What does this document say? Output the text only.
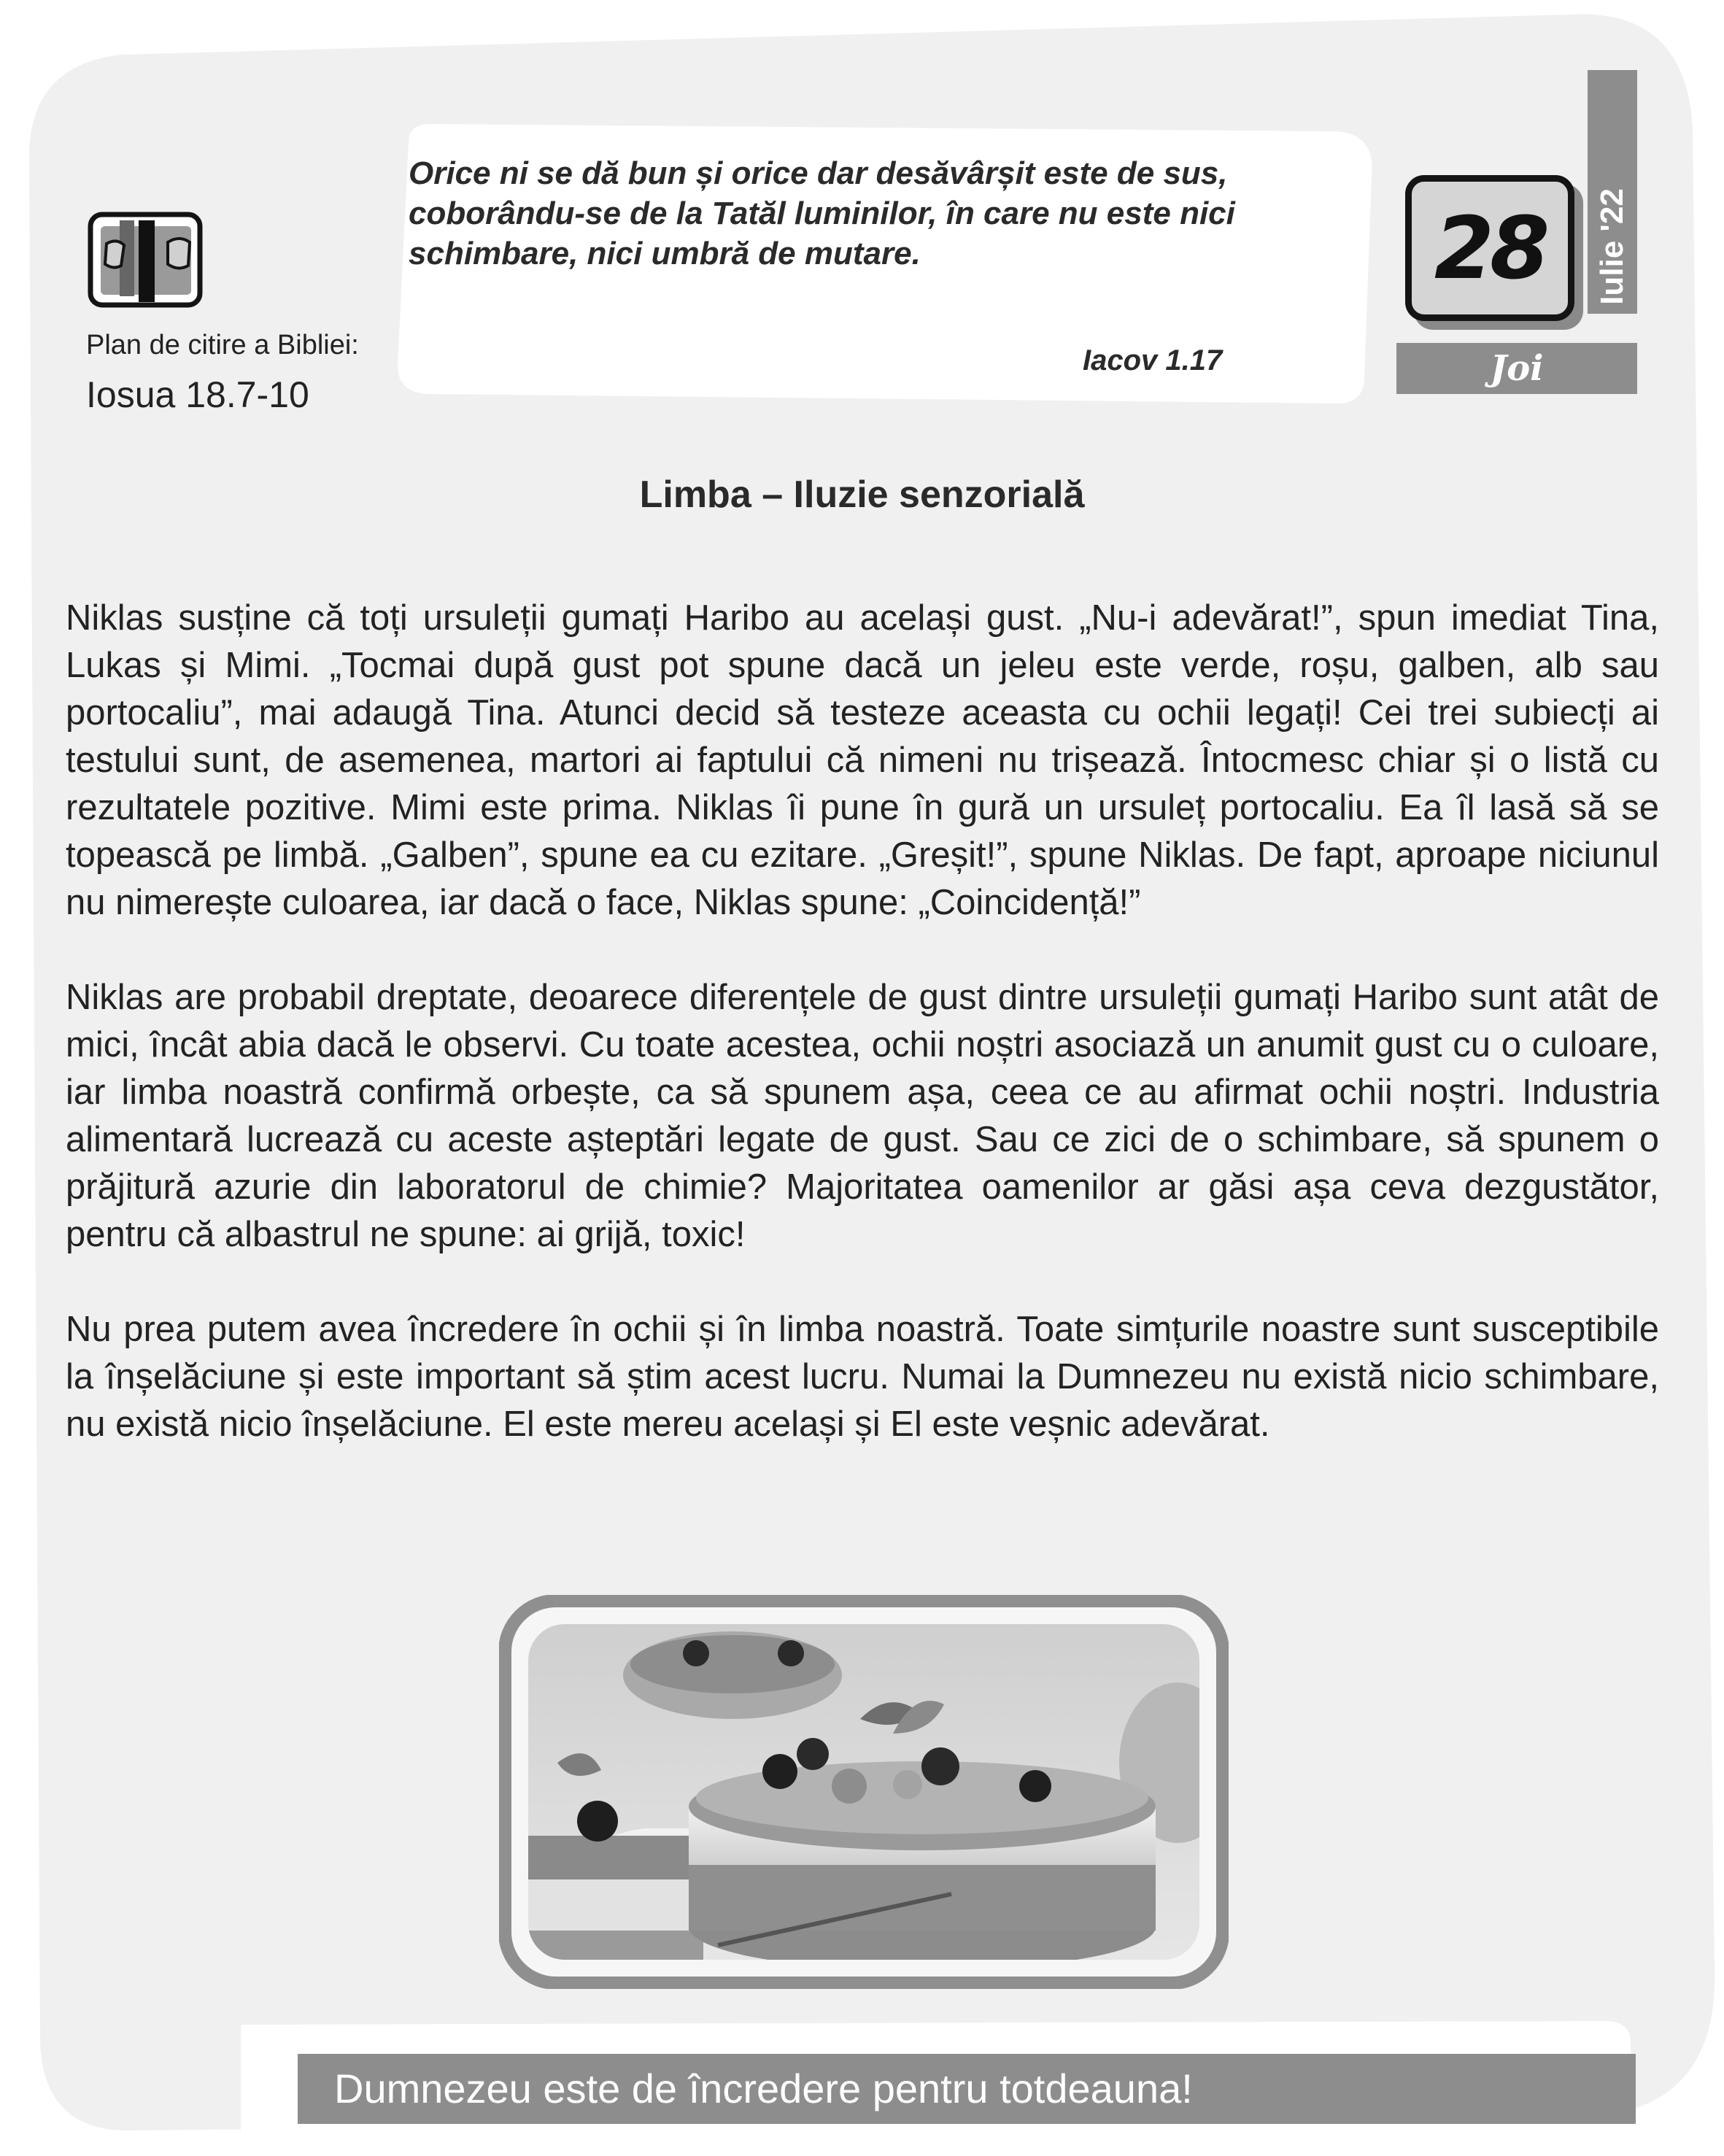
Plan de citire a Bibliei:
Iosua 18.7-10
Orice ni se dă bun și orice dar desăvârșit este de sus,
coborându-se de la Tatăl luminilor, în care nu este nici
schimbare, nici umbră de mutare.
Iacov 1.17
Iulie '22
28
Joi
Limba – Iluzie senzorială

Niklas susține că toți ursuleții gumați Haribo au același gust. „Nu-i adevărat!”, spun imediat Tina, Lukas și Mimi. „Tocmai după gust pot spune dacă un jeleu este verde, roșu, galben, alb sau portocaliu”, mai adaugă Tina. Atunci decid să testeze aceasta cu ochii legați! Cei trei subiecți ai testului sunt, de asemenea, martori ai faptului că nimeni nu trișează. Întocmesc chiar și o listă cu rezultatele pozitive. Mimi este prima. Niklas îi pune în gură un ursuleț portocaliu. Ea îl lasă să se topească pe limbă. „Galben”, spune ea cu ezitare. „Greșit!”, spune Niklas. De fapt, aproape niciunul nu nimerește culoarea, iar dacă o face, Niklas spune: „Coincidență!”

Niklas are probabil dreptate, deoarece diferențele de gust dintre ursuleții gumați Haribo sunt atât de mici, încât abia dacă le observi. Cu toate acestea, ochii noștri asociază un anumit gust cu o culoare, iar limba noastră confirmă orbește, ca să spunem așa, ceea ce au afirmat ochii noștri. Industria alimentară lucrează cu aceste așteptări legate de gust. Sau ce zici de o schimbare, să spunem o prăjitură azurie din laboratorul de chimie? Majoritatea oamenilor ar găsi așa ceva dezgustător, pentru că albastrul ne spune: ai grijă, toxic!

Nu prea putem avea încredere în ochii și în limba noastră. Toate simțurile noastre sunt susceptibile la înșelăciune și este important să știm acest lucru. Numai la Dumnezeu nu există nicio schimbare, nu există nicio înșelăciune. El este mereu același și El este veșnic adevărat.

Dumnezeu este de încredere pentru totdeauna!
